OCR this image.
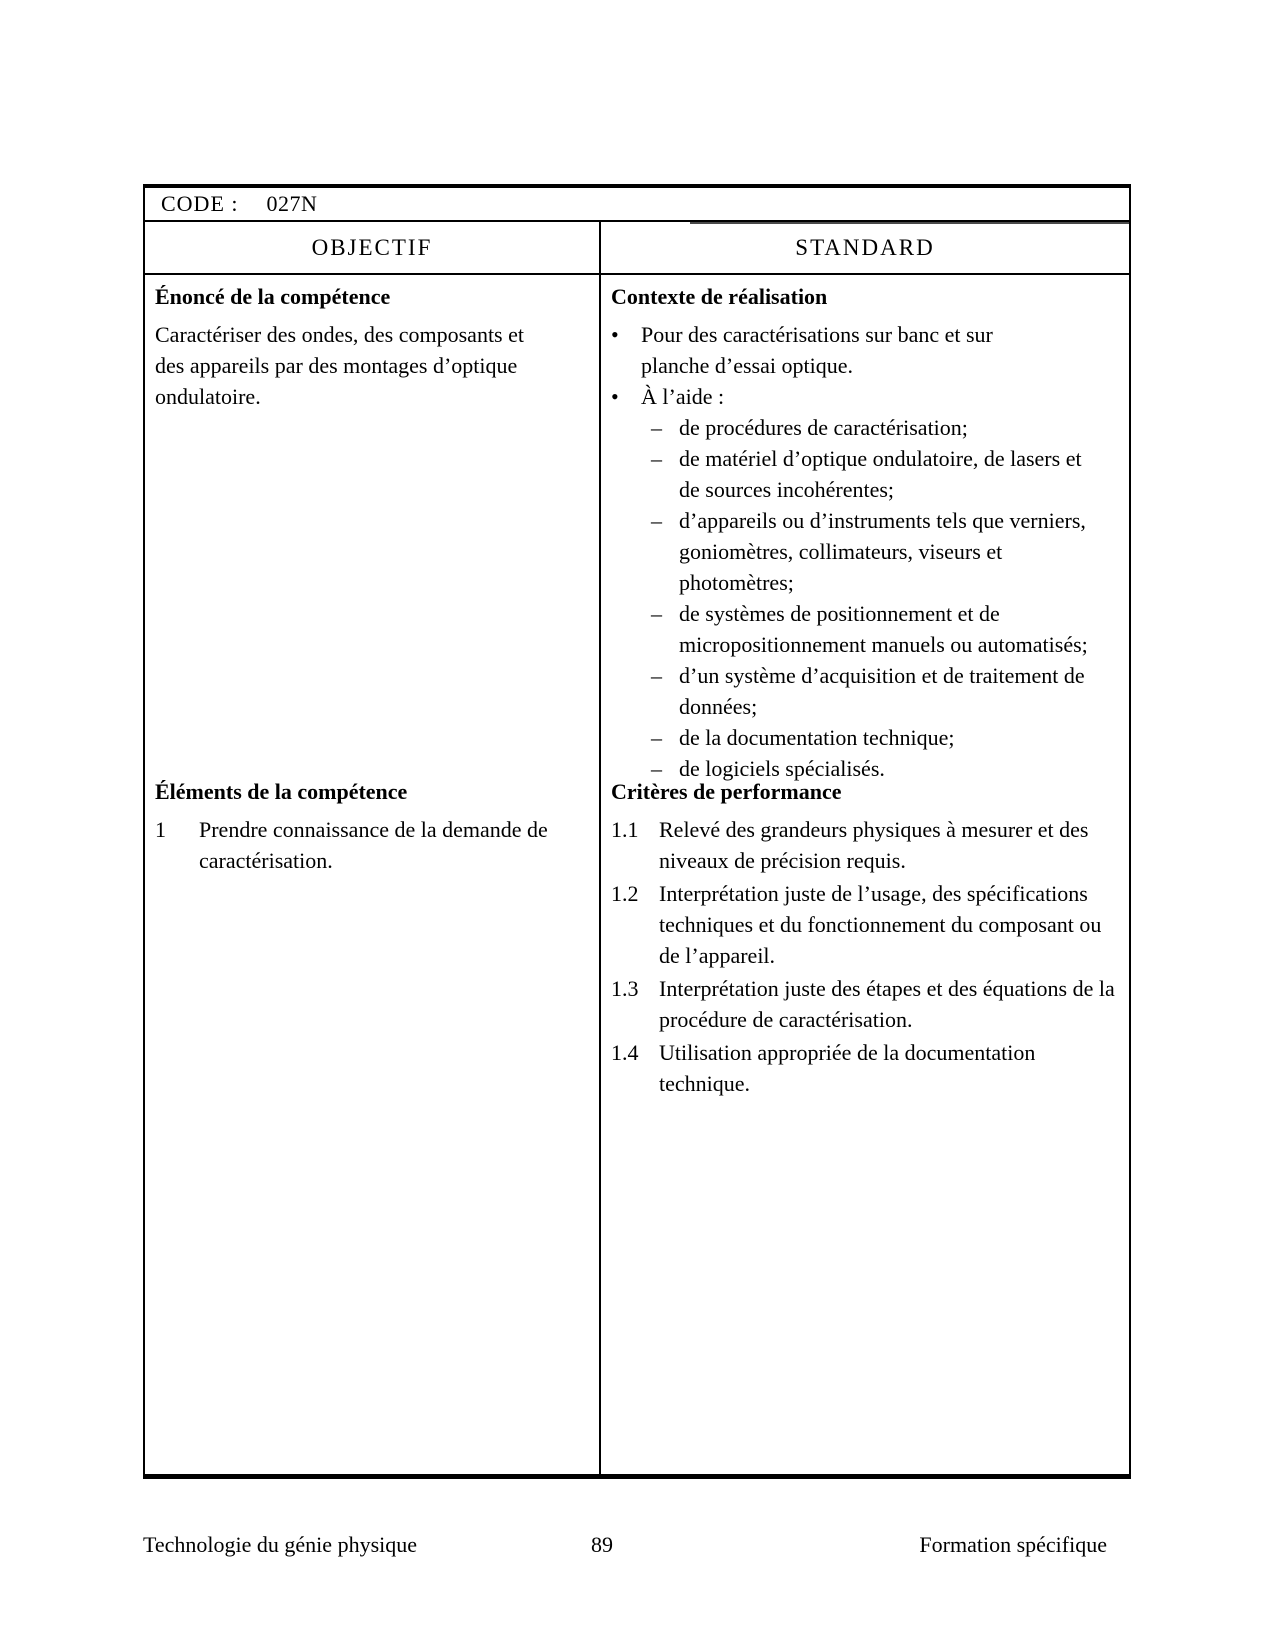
CODE : 027N
OBJECTIF

Énoncé de la compétence

Caractériser des ondes, des composants et des appareils par des montages d’optique ondulatoire.

Éléments de la compétence

1	Prendre connaissance de la demande de caractérisation.
STANDARD

Contexte de réalisation

•	Pour des caractérisations sur banc et sur planche d’essai optique.
•	À l’aide :
– de procédures de caractérisation;
– de matériel d’optique ondulatoire, de lasers et de sources incohérentes;
– d’appareils ou d’instruments tels que verniers, goniomètres, collimateurs, viseurs et photomètres;
– de systèmes de positionnement et de micropositionnement manuels ou automatisés;
– d’un système d’acquisition et de traitement de données;
– de la documentation technique;
– de logiciels spécialisés.

Critères de performance

1.1 Relevé des grandeurs physiques à mesurer et des niveaux de précision requis.
1.2 Interprétation juste de l’usage, des spécifications techniques et du fonctionnement du composant ou de l’appareil.
1.3 Interprétation juste des étapes et des équations de la procédure de caractérisation.
1.4 Utilisation appropriée de la documentation technique.
Technologie du génie physique	89	Formation spécifique
